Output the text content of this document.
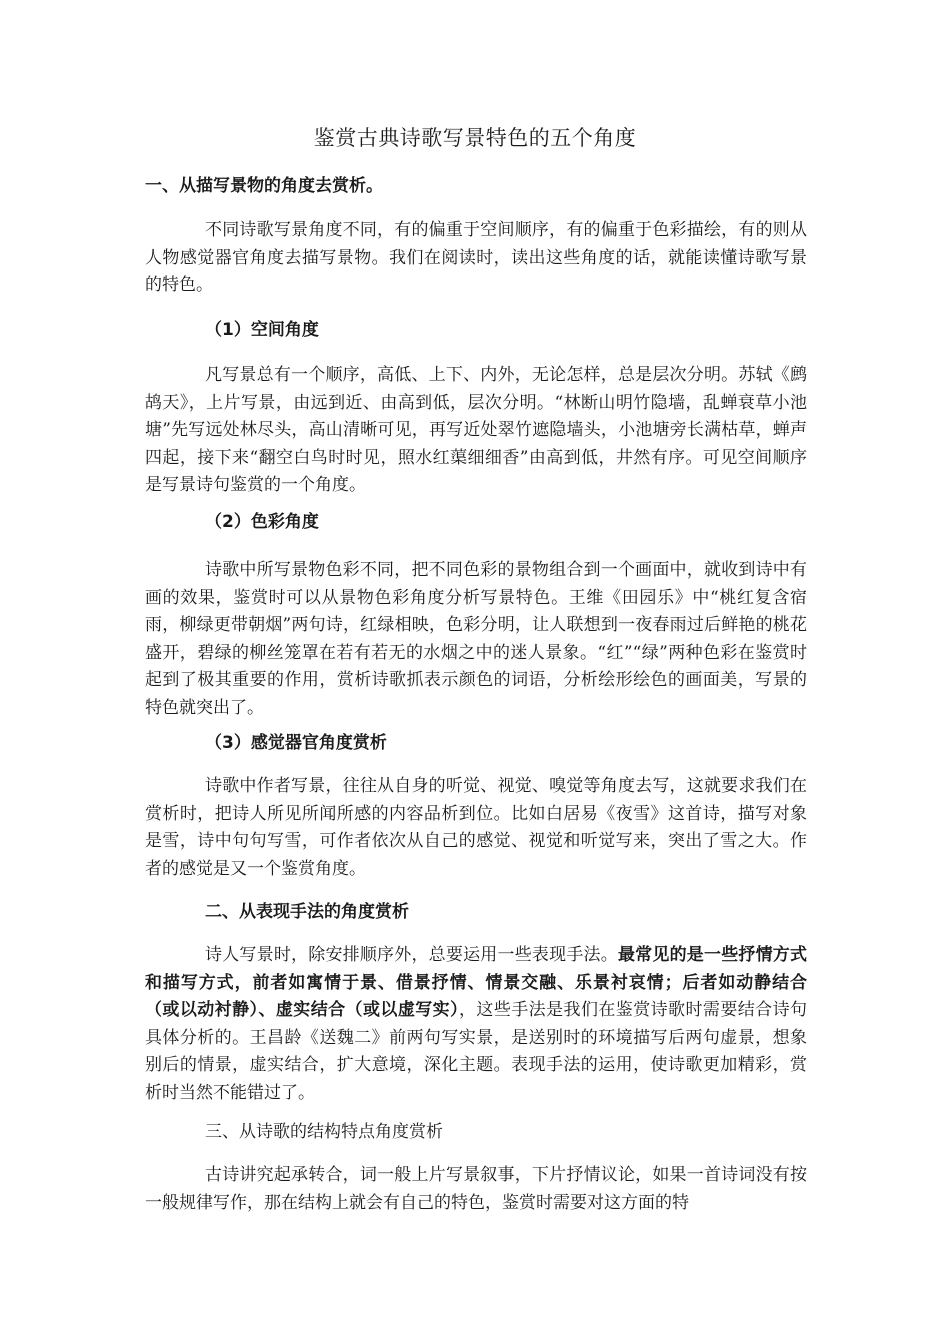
鉴赏古典诗歌写景特色的五个角度
一、从描写景物的角度去赏析。
不同诗歌写景角度不同，有的偏重于空间顺序，有的偏重于色彩描绘，有的则从人物感觉器官角度去描写景物。我们在阅读时，读出这些角度的话，就能读懂诗歌写景的特色。
（1）空间角度
凡写景总有一个顺序，高低、上下、内外，无论怎样，总是层次分明。苏轼《鹧鸪天》，上片写景，由远到近、由高到低，层次分明。“林断山明竹隐墙，乱蝉衰草小池塘”先写远处林尽头，高山清晰可见，再写近处翠竹遮隐墙头，小池塘旁长满枯草，蝉声四起，接下来“翻空白鸟时时见，照水红蕖细细香”由高到低，井然有序。可见空间顺序是写景诗句鉴赏的一个角度。
（2）色彩角度
诗歌中所写景物色彩不同，把不同色彩的景物组合到一个画面中，就收到诗中有画的效果，鉴赏时可以从景物色彩角度分析写景特色。王维《田园乐》中“桃红复含宿雨，柳绿更带朝烟”两句诗，红绿相映，色彩分明，让人联想到一夜春雨过后鲜艳的桃花盛开，碧绿的柳丝笼罩在若有若无的水烟之中的迷人景象。“红”“绿”两种色彩在鉴赏时起到了极其重要的作用，赏析诗歌抓表示颜色的词语，分析绘形绘色的画面美，写景的特色就突出了。
（3）感觉器官角度赏析
诗歌中作者写景，往往从自身的听觉、视觉、嗅觉等角度去写，这就要求我们在赏析时，把诗人所见所闻所感的内容品析到位。比如白居易《夜雪》这首诗，描写对象是雪，诗中句句写雪，可作者依次从自己的感觉、视觉和听觉写来，突出了雪之大。作者的感觉是又一个鉴赏角度。
二、从表现手法的角度赏析
诗人写景时，除安排顺序外，总要运用一些表现手法。最常见的是一些抒情方式和描写方式，前者如寓情于景、借景抒情、情景交融、乐景衬哀情；后者如动静结合（或以动衬静）、虚实结合（或以虚写实），这些手法是我们在鉴赏诗歌时需要结合诗句具体分析的。王昌龄《送魏二》前两句写实景，是送别时的环境描写后两句虚景，想象别后的情景，虚实结合，扩大意境，深化主题。表现手法的运用，使诗歌更加精彩，赏析时当然不能错过了。
三、从诗歌的结构特点角度赏析
古诗讲究起承转合，词一般上片写景叙事，下片抒情议论，如果一首诗词没有按一般规律写作，那在结构上就会有自己的特色，鉴赏时需要对这方面的特
